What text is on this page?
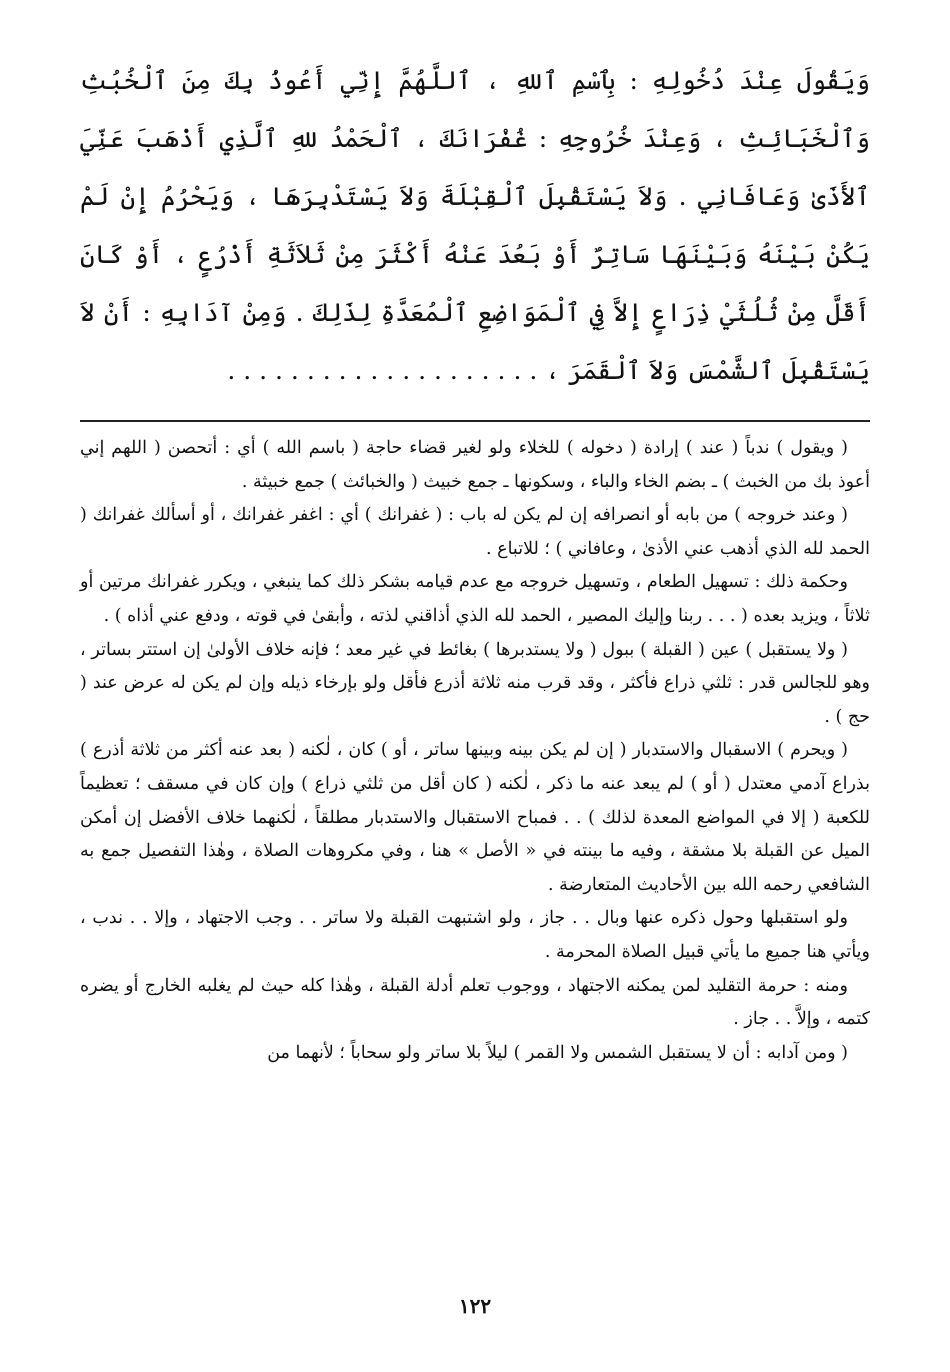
وَيَقُولَ عِنْدَ دُخُولِهِ : بِٱسْمِ ٱللهِ ، ٱللَّهُمَّ إِنِّي أَعُوذُ بِكَ مِنَ ٱلْخُبُثِ وَٱلْخَبَائِثِ ، وَعِنْدَ خُرُوجِهِ : غُفْرَانَكَ ، ٱلْحَمْدُ للهِ ٱلَّذِي أَذْهَبَ عَنِّيَ ٱلأَذَىٰ وَعَافَانِي . وَلاَ يَسْتَقْبِلَ ٱلْقِبْلَةَ وَلاَ يَسْتَدْبِرَهَا ، وَيَحْرُمُ إِنْ لَمْ يَكُنْ بَيْنَهُ وَبَيْنَهَا سَاتِرٌ أَوْ بَعُدَ عَنْهُ أَكْثَرَ مِنْ ثَلاَثَةِ أَذْرُعٍ ، أَوْ كَانَ أَقَلَّ مِنْ ثُلُثَيْ ذِرَاعٍ إِلاَّ فِي ٱلْمَوَاضِعِ ٱلْمُعَدَّةِ لِذَلِكَ . وَمِنْ آدَابِهِ : أَنْ لاَ يَسْتَقْبِلَ ٱلشَّمْسَ وَلاَ ٱلْقَمَرَ ، . . . . . . . . . . . . . . . . . . . .

( ويقول ) ندباً ( عند ) إرادة ( دخوله ) للخلاء ولو لغير قضاء حاجة ( باسم الله ) أي : أتحصن ( اللهم إني أعوذ بك من الخبث ) ـ بضم الخاء والباء ، وسكونها ـ جمع خبيث ( والخبائث ) جمع خبيثة .

( وعند خروجه ) من بابه أو انصرافه إن لم يكن له باب : ( غفرانك ) أي : اغفر غفرانك ، أو أسألك غفرانك ( الحمد لله الذي أذهب عني الأذىٰ ، وعافاني ) ؛ للاتباع .

وحكمة ذلك : تسهيل الطعام ، وتسهيل خروجه مع عدم قيامه بشكر ذلك كما ينبغي ، ويكرر غفرانك مرتين أو ثلاثاً ، ويزيد بعده ( . . . ربنا وإليك المصير ، الحمد لله الذي أذاقني لذته ، وأبقىٰ في قوته ، ودفع عني أذاه ) .

( ولا يستقبل ) عين ( القبلة ) ببول ( ولا يستدبرها ) بغائط في غير معد ؛ فإنه خلاف الأولىٰ إن استتر بساتر ، وهو للجالس قدر : ثلثي ذراع فأكثر ، وقد قرب منه ثلاثة أذرع فأقل ولو بإرخاء ذيله وإن لم يكن له عرض عند ( حج ) .

( ويحرم ) الاسقبال والاستدبار ( إن لم يكن بينه وبينها ساتر ، أو ) كان ، لٰكنه ( بعد عنه أكثر من ثلاثة أذرع ) بذراع آدمي معتدل ( أو ) لم يبعد عنه ما ذكر ، لٰكنه ( كان أقل من ثلثي ذراع ) وإن كان في مسقف ؛ تعظيماً للكعبة ( إلا في المواضع المعدة لذلك ) . . فمباح الاستقبال والاستدبار مطلقاً ، لٰكنهما خلاف الأفضل إن أمكن الميل عن القبلة بلا مشقة ، وفيه ما بينته في « الأصل » هنا ، وفي مكروهات الصلاة ، وهٰذا التفصيل جمع به الشافعي رحمه الله بين الأحاديث المتعارضة .

ولو استقبلها وحول ذكره عنها وبال . . جاز ، ولو اشتبهت القبلة ولا ساتر . . وجب الاجتهاد ، وإلا . . ندب ، ويأتي هنا جميع ما يأتي قبيل الصلاة المحرمة .

ومنه : حرمة التقليد لمن يمكنه الاجتهاد ، ووجوب تعلم أدلة القبلة ، وهٰذا كله حيث لم يغلبه الخارج أو يضره كتمه ، وإلاَّ . . جاز .

( ومن آدابه : أن لا يستقبل الشمس ولا القمر ) ليلاً بلا ساتر ولو سحاباً ؛ لأنهما من

١٢٢
